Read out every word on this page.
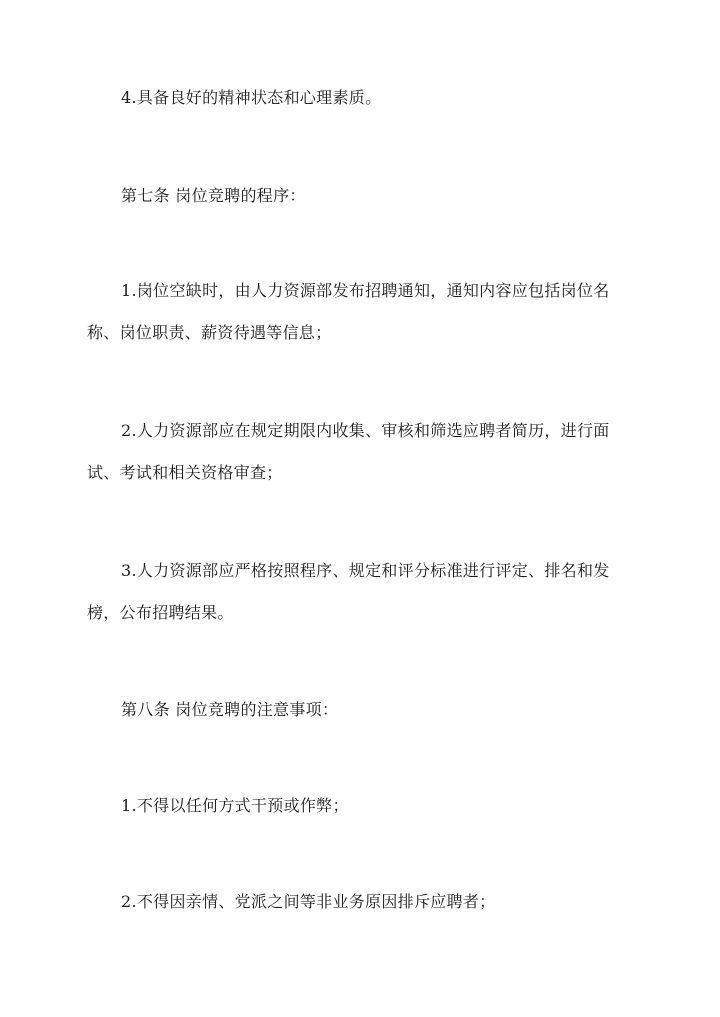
4.具备良好的精神状态和心理素质。
第七条 岗位竞聘的程序：
1.岗位空缺时，由人力资源部发布招聘通知，通知内容应包括岗位名
称、岗位职责、薪资待遇等信息；
2.人力资源部应在规定期限内收集、审核和筛选应聘者简历，进行面
试、考试和相关资格审查；
3.人力资源部应严格按照程序、规定和评分标准进行评定、排名和发
榜，公布招聘结果。
第八条 岗位竞聘的注意事项：
1.不得以任何方式干预或作弊；
2.不得因亲情、党派之间等非业务原因排斥应聘者；
